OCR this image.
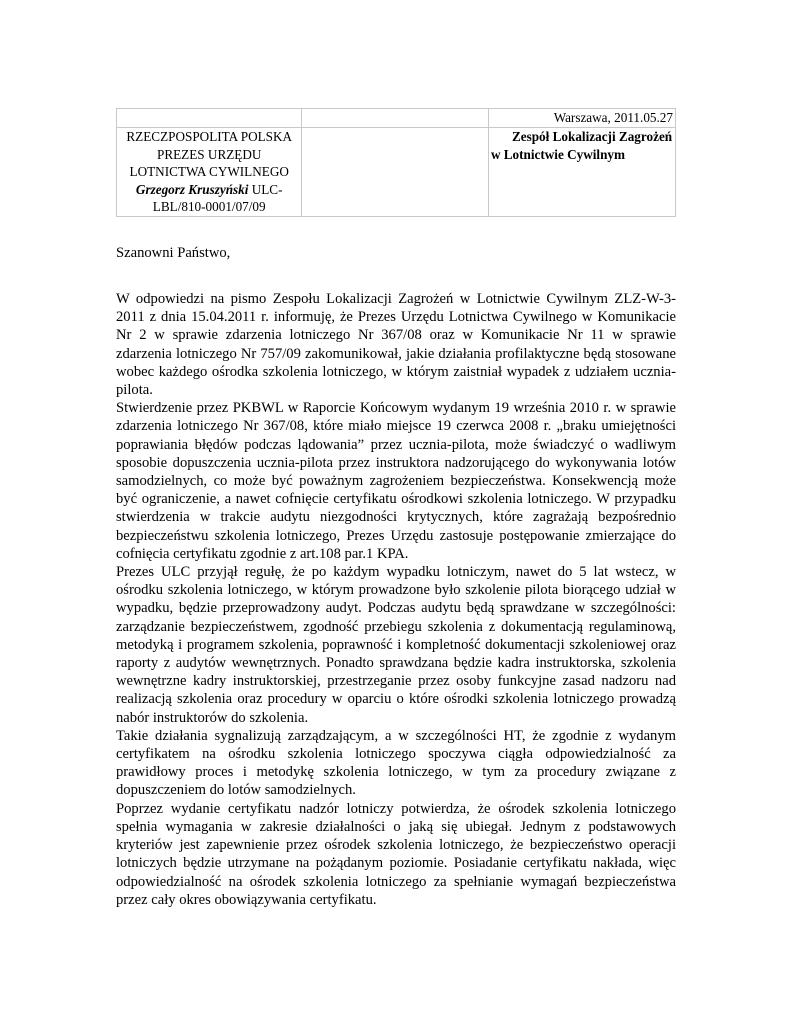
		Warszawa, 2011.05.27
RZECZPOSPOLITA POLSKA PREZES URZĘDU LOTNICTWA CYWILNEGO Grzegorz Kruszyński ULC-LBL/810-0001/07/09		Zespół Lokalizacji Zagrożeń w Lotnictwie Cywilnym
Szanowni Państwo,

W odpowiedzi na pismo Zespołu Lokalizacji Zagrożeń w Lotnictwie Cywilnym ZLZ-W-3-2011 z dnia 15.04.2011 r. informuję, że Prezes Urzędu Lotnictwa Cywilnego w Komunikacie Nr 2 w sprawie zdarzenia lotniczego Nr 367/08 oraz w Komunikacie Nr 11 w sprawie zdarzenia lotniczego Nr 757/09 zakomunikował, jakie działania profilaktyczne będą stosowane wobec każdego ośrodka szkolenia lotniczego, w którym zaistniał wypadek z udziałem ucznia-pilota.

Stwierdzenie przez PKBWL w Raporcie Końcowym wydanym 19 września 2010 r. w sprawie zdarzenia lotniczego Nr 367/08, które miało miejsce 19 czerwca 2008 r. „braku umiejętności poprawiania błędów podczas lądowania” przez ucznia-pilota, może świadczyć o wadliwym sposobie dopuszczenia ucznia-pilota przez instruktora nadzorującego do wykonywania lotów samodzielnych, co może być poważnym zagrożeniem bezpieczeństwa. Konsekwencją może być ograniczenie, a nawet cofnięcie certyfikatu ośrodkowi szkolenia lotniczego. W przypadku stwierdzenia w trakcie audytu niezgodności krytycznych, które zagrażają bezpośrednio bezpieczeństwu szkolenia lotniczego, Prezes Urzędu zastosuje postępowanie zmierzające do cofnięcia certyfikatu zgodnie z art.108 par.1 KPA.

Prezes ULC przyjął regułę, że po każdym wypadku lotniczym, nawet do 5 lat wstecz, w ośrodku szkolenia lotniczego, w którym prowadzone było szkolenie pilota biorącego udział w wypadku, będzie przeprowadzony audyt. Podczas audytu będą sprawdzane w szczególności: zarządzanie bezpieczeństwem, zgodność przebiegu szkolenia z dokumentacją regulaminową, metodyką i programem szkolenia, poprawność i kompletność dokumentacji szkoleniowej oraz raporty z audytów wewnętrznych. Ponadto sprawdzana będzie kadra instruktorska, szkolenia wewnętrzne kadry instruktorskiej, przestrzeganie przez osoby funkcyjne zasad nadzoru nad realizacją szkolenia oraz procedury w oparciu o które ośrodki szkolenia lotniczego prowadzą nabór instruktorów do szkolenia.

Takie działania sygnalizują zarządzającym, a w szczególności HT, że zgodnie z wydanym certyfikatem na ośrodku szkolenia lotniczego spoczywa ciągła odpowiedzialność za prawidłowy proces i metodykę szkolenia lotniczego, w tym za procedury związane z dopuszczeniem do lotów samodzielnych.

Poprzez wydanie certyfikatu nadzór lotniczy potwierdza, że ośrodek szkolenia lotniczego spełnia wymagania w zakresie działalności o jaką się ubiegał. Jednym z podstawowych kryteriów jest zapewnienie przez ośrodek szkolenia lotniczego, że bezpieczeństwo operacji lotniczych będzie utrzymane na pożądanym poziomie. Posiadanie certyfikatu nakłada, więc odpowiedzialność na ośrodek szkolenia lotniczego za spełnianie wymagań bezpieczeństwa przez cały okres obowiązywania certyfikatu.
